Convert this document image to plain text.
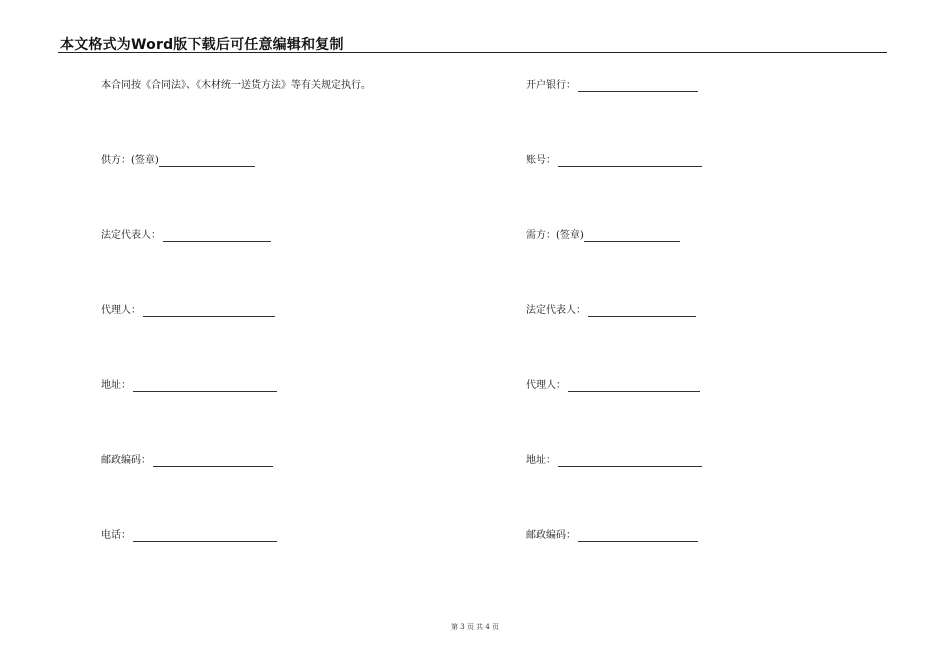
本文格式为Word版下载后可任意编辑和复制
本合同按《合同法》、《木材统一送货方法》等有关规定执行。
供方：(签章)
法定代表人：
代理人：
地址：
邮政编码：
电话：
开户银行：
账号：
需方：(签章)
法定代表人：
代理人：
地址：
邮政编码：
第 3 页 共 4 页
